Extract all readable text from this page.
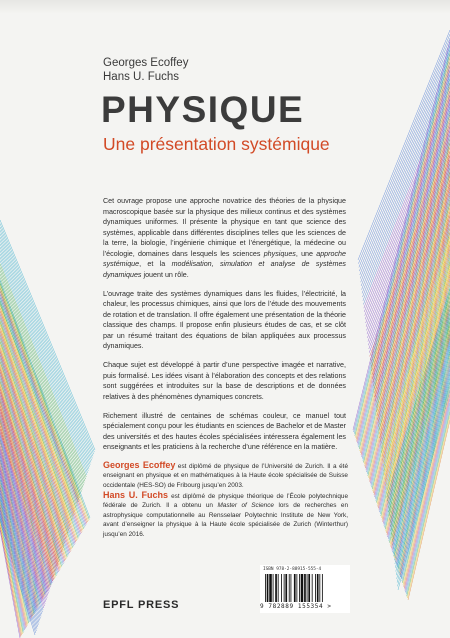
Georges Ecoffey
Hans U. Fuchs
PHYSIQUE
Une présentation systémique

Cet ouvrage propose une approche novatrice des théories de la physique macroscopique basée sur la physique des milieux continus et des systèmes dynamiques uniformes. Il présente la physique en tant que science des systèmes, applicable dans différentes disciplines telles que les sciences de la terre, la biologie, l’ingénierie chimique et l’énergétique, la médecine ou l’écologie, domaines dans lesquels les sciences physiques, une approche systémique, et la modélisation, simulation et analyse de systèmes dynamiques jouent un rôle.

L’ouvrage traite des systèmes dynamiques dans les fluides, l’électricité, la chaleur, les processus chimiques, ainsi que lors de l’étude des mouvements de rotation et de translation. Il offre également une présentation de la théorie classique des champs. Il propose enfin plusieurs études de cas, et se clôt par un résumé traitant des équations de bilan appliquées aux processus dynamiques.

Chaque sujet est développé à partir d’une perspective imagée et narrative, puis formalisé. Les idées visant à l’élaboration des concepts et des relations sont suggérées et introduites sur la base de descriptions et de données relatives à des phénomènes dynamiques concrets.

Richement illustré de centaines de schémas couleur, ce manuel tout spécialement conçu pour les étudiants en sciences de Bachelor et de Master des universités et des hautes écoles spécialisées intéressera également les enseignants et les praticiens à la recherche d’une référence en la matière.

Georges Ecoffey est diplômé de physique de l’Université de Zurich. Il a été enseignant en physique et en mathématiques à la Haute école spécialisée de Suisse occidentale (HES-SO) de Fribourg jusqu’en 2003.
Hans U. Fuchs est diplômé de physique théorique de l’École polytechnique fédérale de Zurich. Il a obtenu un Master of Science lors de recherches en astrophysique computationnelle au Rensselaer Polytechnic Institute de New York, avant d’enseigner la physique à la Haute école spécialisée de Zurich (Winterthur) jusqu’en 2016.
EPFL PRESS
ISBN 978-2-88915-555-4
9 782889 155354 >
